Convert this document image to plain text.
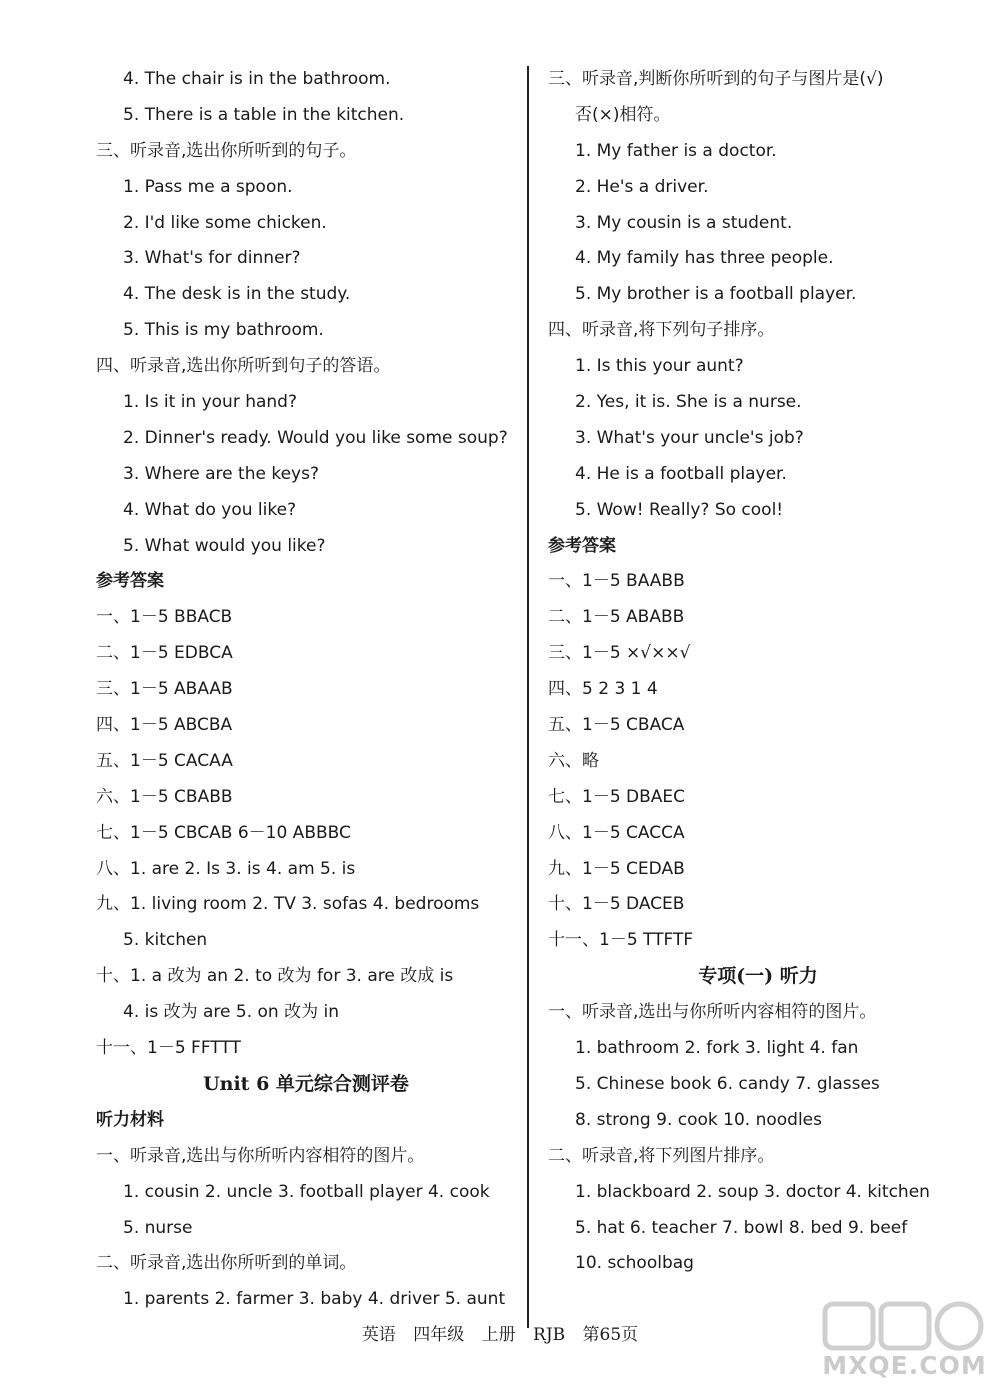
4. The chair is in the bathroom.
5. There is a table in the kitchen.
三、听录音,选出你所听到的句子。
1. Pass me a spoon.
2. I'd like some chicken.
3. What's for dinner?
4. The desk is in the study.
5. This is my bathroom.
四、听录音,选出你所听到句子的答语。
1. Is it in your hand?
2. Dinner's ready. Would you like some soup?
3. Where are the keys?
4. What do you like?
5. What would you like?
参考答案
一、1－5 BBACB
二、1－5 EDBCA
三、1－5 ABAAB
四、1－5 ABCBA
五、1－5 CACAA
六、1－5 CBABB
七、1－5 CBCAB 6－10 ABBBC
八、1. are 2. Is 3. is 4. am 5. is
九、1. living room 2. TV 3. sofas 4. bedrooms
5. kitchen
十、1. a 改为 an 2. to 改为 for 3. are 改成 is
4. is 改为 are 5. on 改为 in
十一、1－5 FFTTT
Unit 6 单元综合测评卷
听力材料
一、听录音,选出与你所听内容相符的图片。
1. cousin 2. uncle 3. football player 4. cook
5. nurse
二、听录音,选出你所听到的单词。
1. parents 2. farmer 3. baby 4. driver 5. aunt
三、听录音,判断你所听到的句子与图片是(√)
否(×)相符。
1. My father is a doctor.
2. He's a driver.
3. My cousin is a student.
4. My family has three people.
5. My brother is a football player.
四、听录音,将下列句子排序。
1. Is this your aunt?
2. Yes, it is. She is a nurse.
3. What's your uncle's job?
4. He is a football player.
5. Wow! Really? So cool!
参考答案
一、1－5 BAABB
二、1－5 ABABB
三、1－5 ×√××√
四、5 2 3 1 4
五、1－5 CBACA
六、略
七、1－5 DBAEC
八、1－5 CACCA
九、1－5 CEDAB
十、1－5 DACEB
十一、1－5 TTFTF
专项(一) 听力
一、听录音,选出与你所听内容相符的图片。
1. bathroom 2. fork 3. light 4. fan
5. Chinese book 6. candy 7. glasses
8. strong 9. cook 10. noodles
二、听录音,将下列图片排序。
1. blackboard 2. soup 3. doctor 4. kitchen
5. hat 6. teacher 7. bowl 8. bed 9. beef
10. schoolbag
英语 四年级 上册 RJB 第65页
MXQE.COM
